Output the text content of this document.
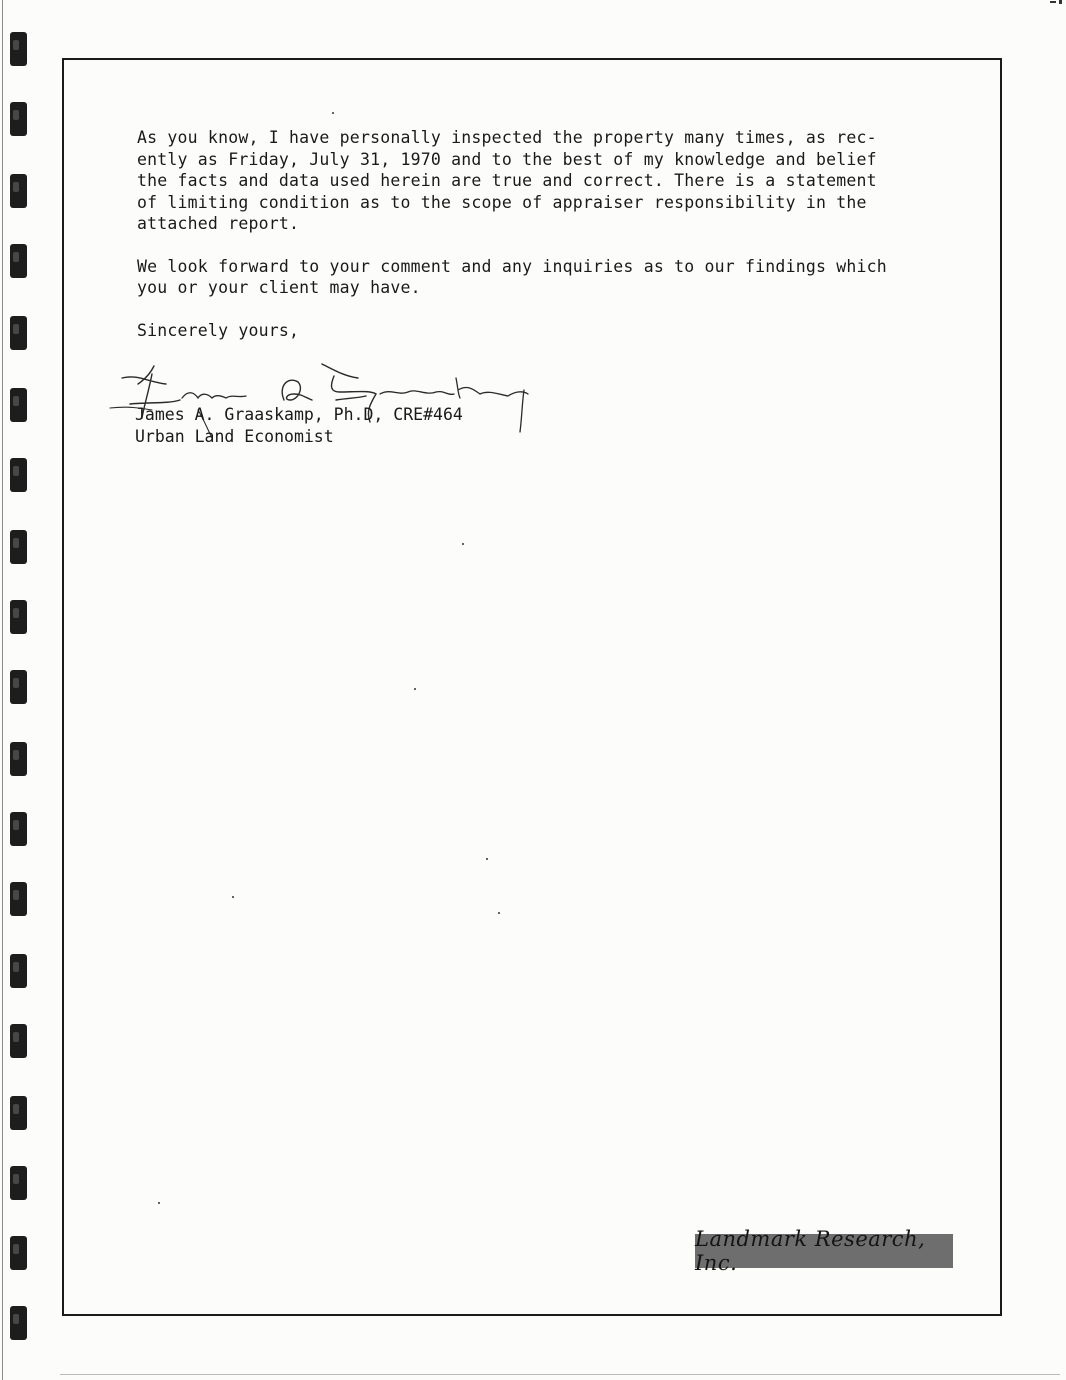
As you know, I have personally inspected the property many times, as rec-
ently as Friday, July 31, 1970 and to the best of my knowledge and belief
the facts and data used herein are true and correct. There is a statement
of limiting condition as to the scope of appraiser responsibility in the
attached report.

We look forward to your comment and any inquiries as to our findings which
you or your client may have.

Sincerely yours,

James A. Graaskamp, Ph.D, CRE#464
Urban Land Economist
Landmark Research, Inc.
